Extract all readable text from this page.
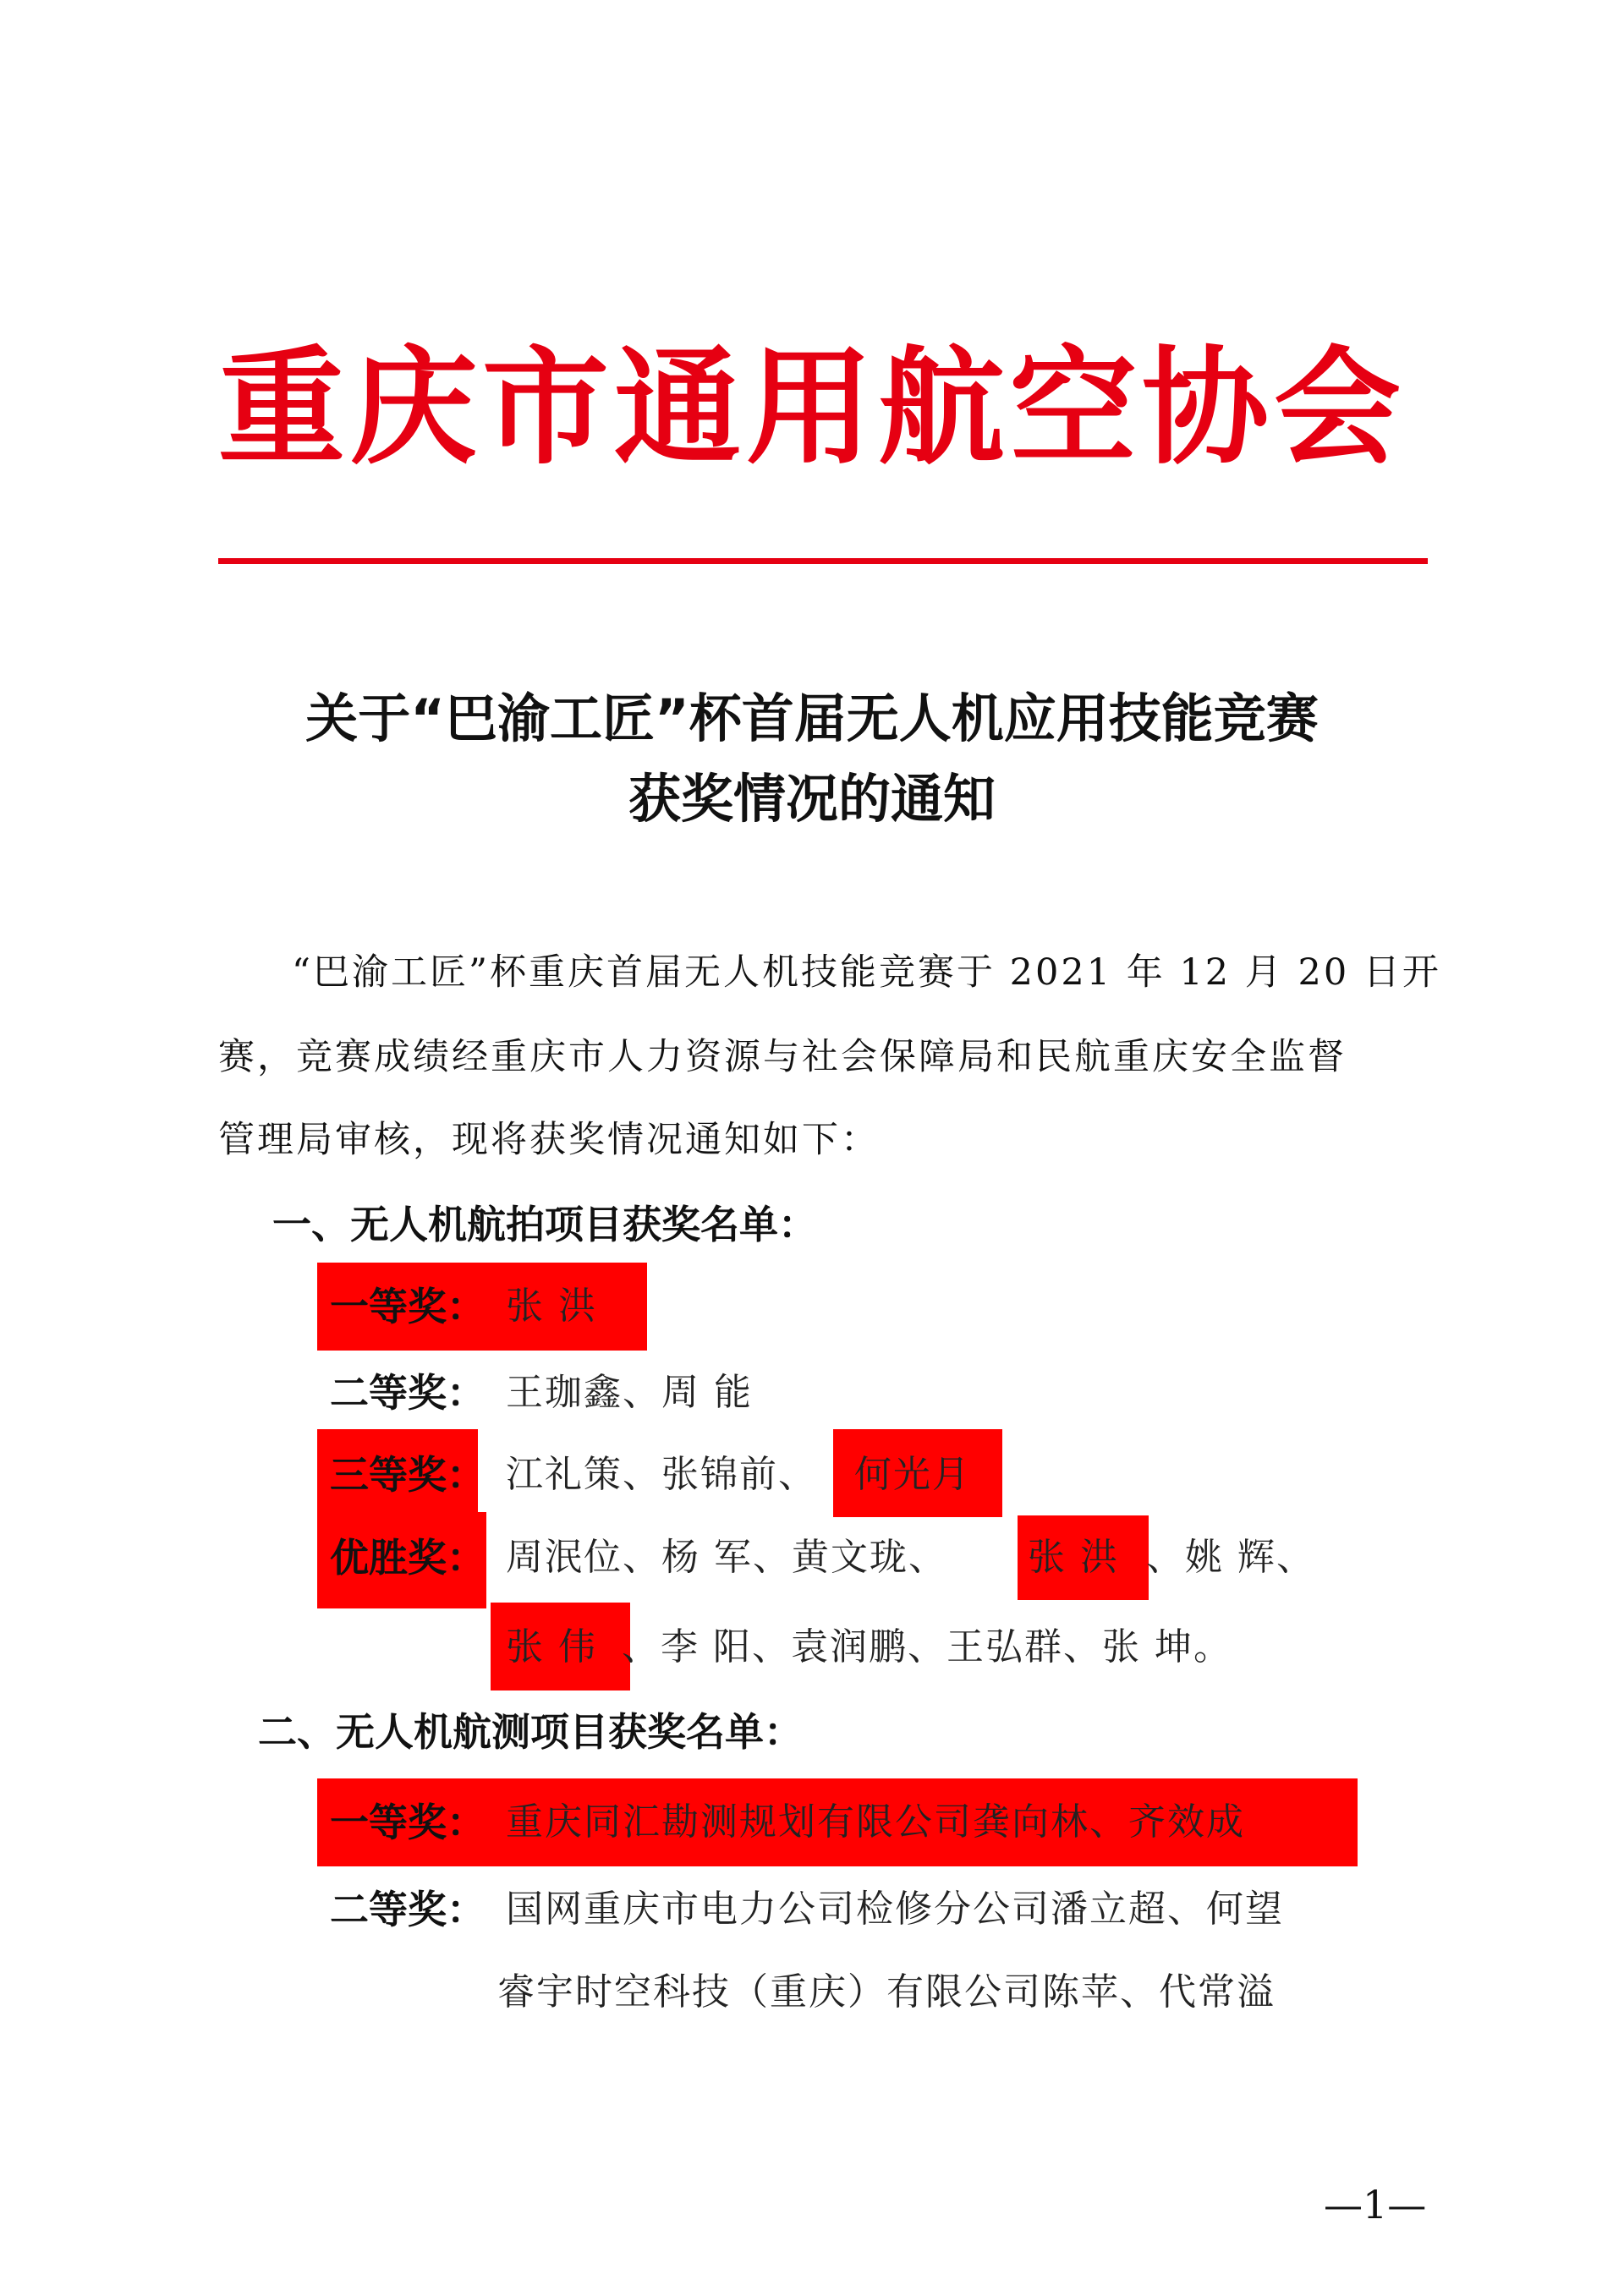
重庆市通用航空协会
关于“巴渝工匠”杯首届无人机应用技能竞赛
获奖情况的通知
“巴渝工匠”杯重庆首届无人机技能竞赛于 2021 年 12 月 20 日开
赛，竞赛成绩经重庆市人力资源与社会保障局和民航重庆安全监督
管理局审核，现将获奖情况通知如下：
一、无人机航拍项目获奖名单：
一等奖： 张 洪
二等奖： 王珈鑫、周 能
三等奖： 江礼策、张锦前、 何光月
优胜奖： 周泯位、杨 军、黄文珑、 张 洪 、姚 辉、
张 伟 、李 阳、袁润鹏、王弘群、张 坤。
二、无人机航测项目获奖名单：
一等奖： 重庆同汇勘测规划有限公司龚向林、齐效成
二等奖： 国网重庆市电力公司检修分公司潘立超、何望
睿宇时空科技（重庆）有限公司陈苹、代常溢
—1—
